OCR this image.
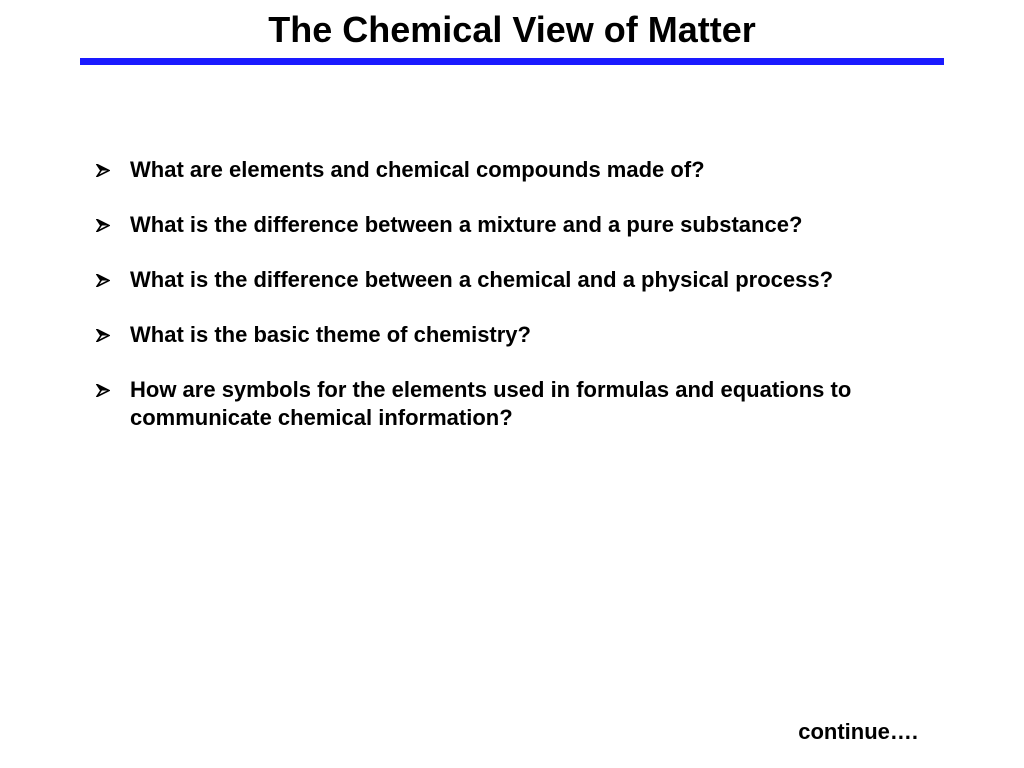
The Chemical View of Matter
What are elements and chemical compounds made of?
What is the difference between a mixture and a pure substance?
What is the difference between a chemical and a physical process?
What is the basic theme of chemistry?
How are symbols for the elements used in formulas and equations to communicate chemical information?
continue….
